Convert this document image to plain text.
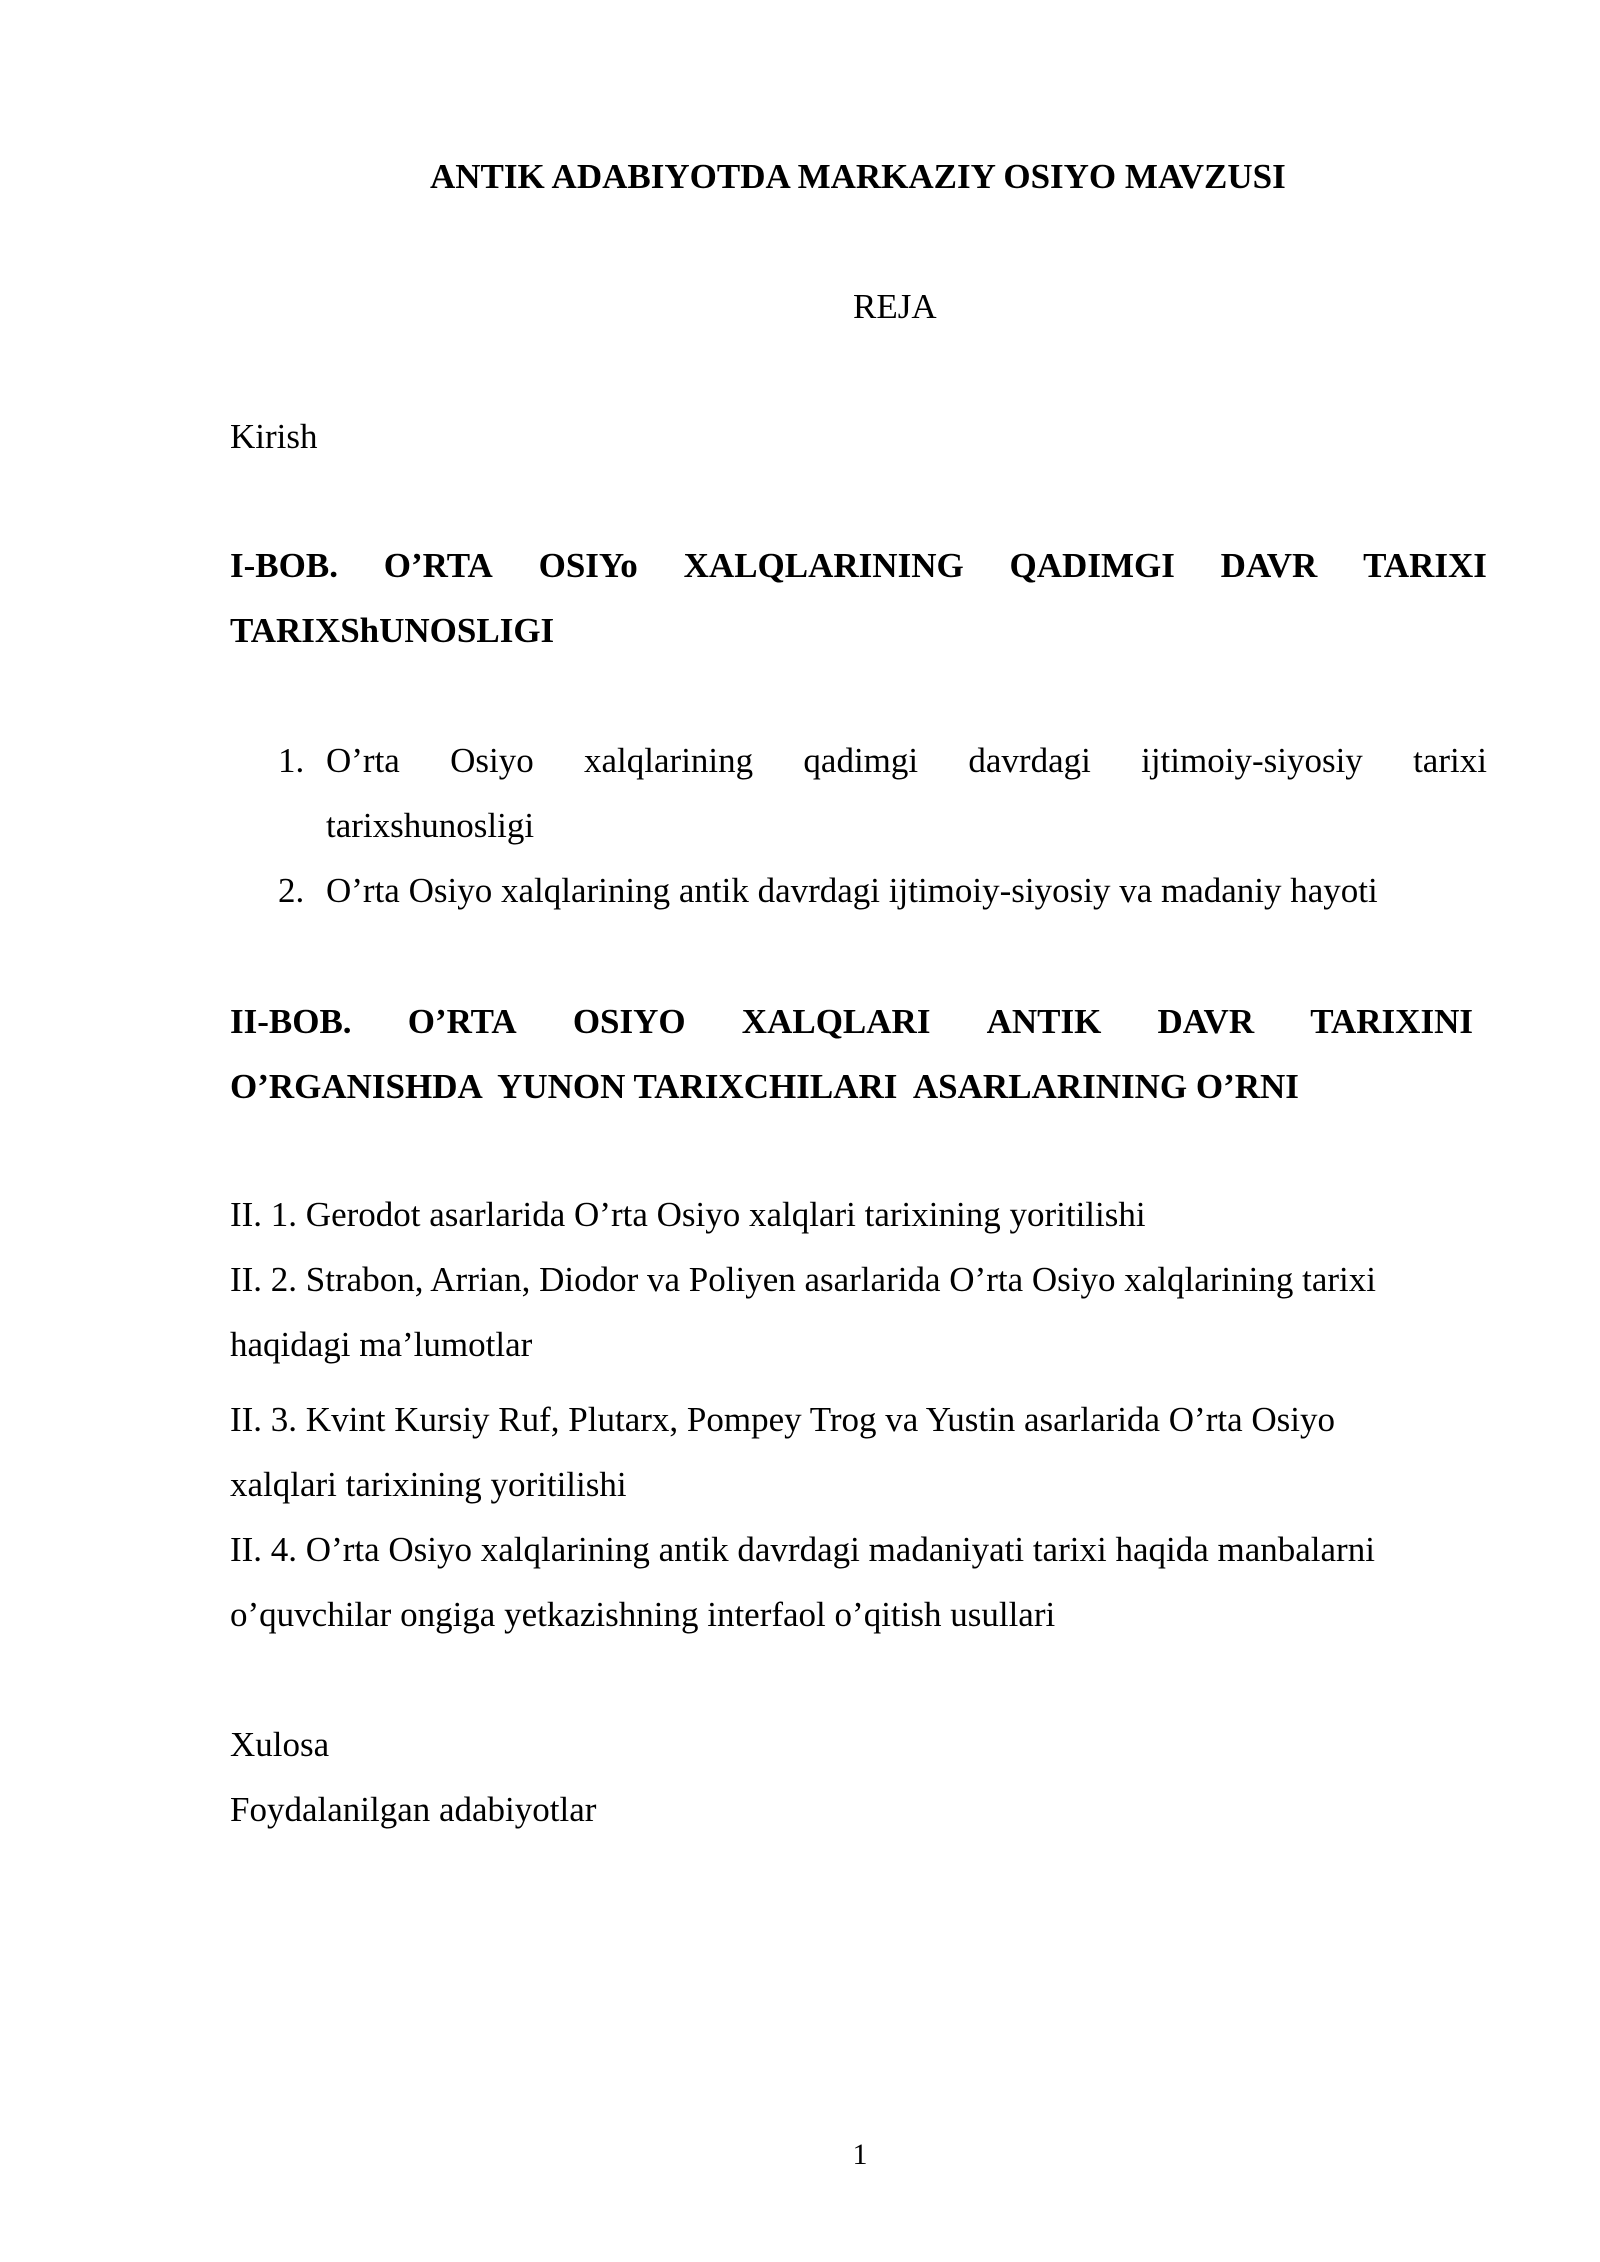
ANTIK ADABIYOTDA MARKAZIY OSIYO MAVZUSI
REJA
Kirish
I-BOB. O’RTA OSIYo XALQLARINING QADIMGI DAVR TARIXI
TARIXShUNOSLIGI
1. O’rta Osiyo xalqlarining qadimgi davrdagi ijtimoiy-siyosiy tarixi
tarixshunosligi
2. O’rta Osiyo xalqlarining antik davrdagi ijtimoiy-siyosiy va madaniy hayoti
II-BOB. O’RTA OSIYO XALQLARI ANTIK DAVR TARIXINI
O’RGANISHDA  YUNON TARIXCHILARI  ASARLARINING O’RNI
II. 1. Gerodot asarlarida O’rta Osiyo xalqlari tarixining yoritilishi
II. 2. Strabon, Arrian, Diodor va Poliyen asarlarida O’rta Osiyo xalqlarining tarixi
haqidagi ma’lumotlar
II. 3. Kvint Kursiy Ruf, Plutarx, Pompey Trog va Yustin asarlarida O’rta Osiyo
xalqlari tarixining yoritilishi
II. 4. O’rta Osiyo xalqlarining antik davrdagi madaniyati tarixi haqida manbalarni
o’quvchilar ongiga yetkazishning interfaol o’qitish usullari
Xulosa
Foydalanilgan adabiyotlar
1
